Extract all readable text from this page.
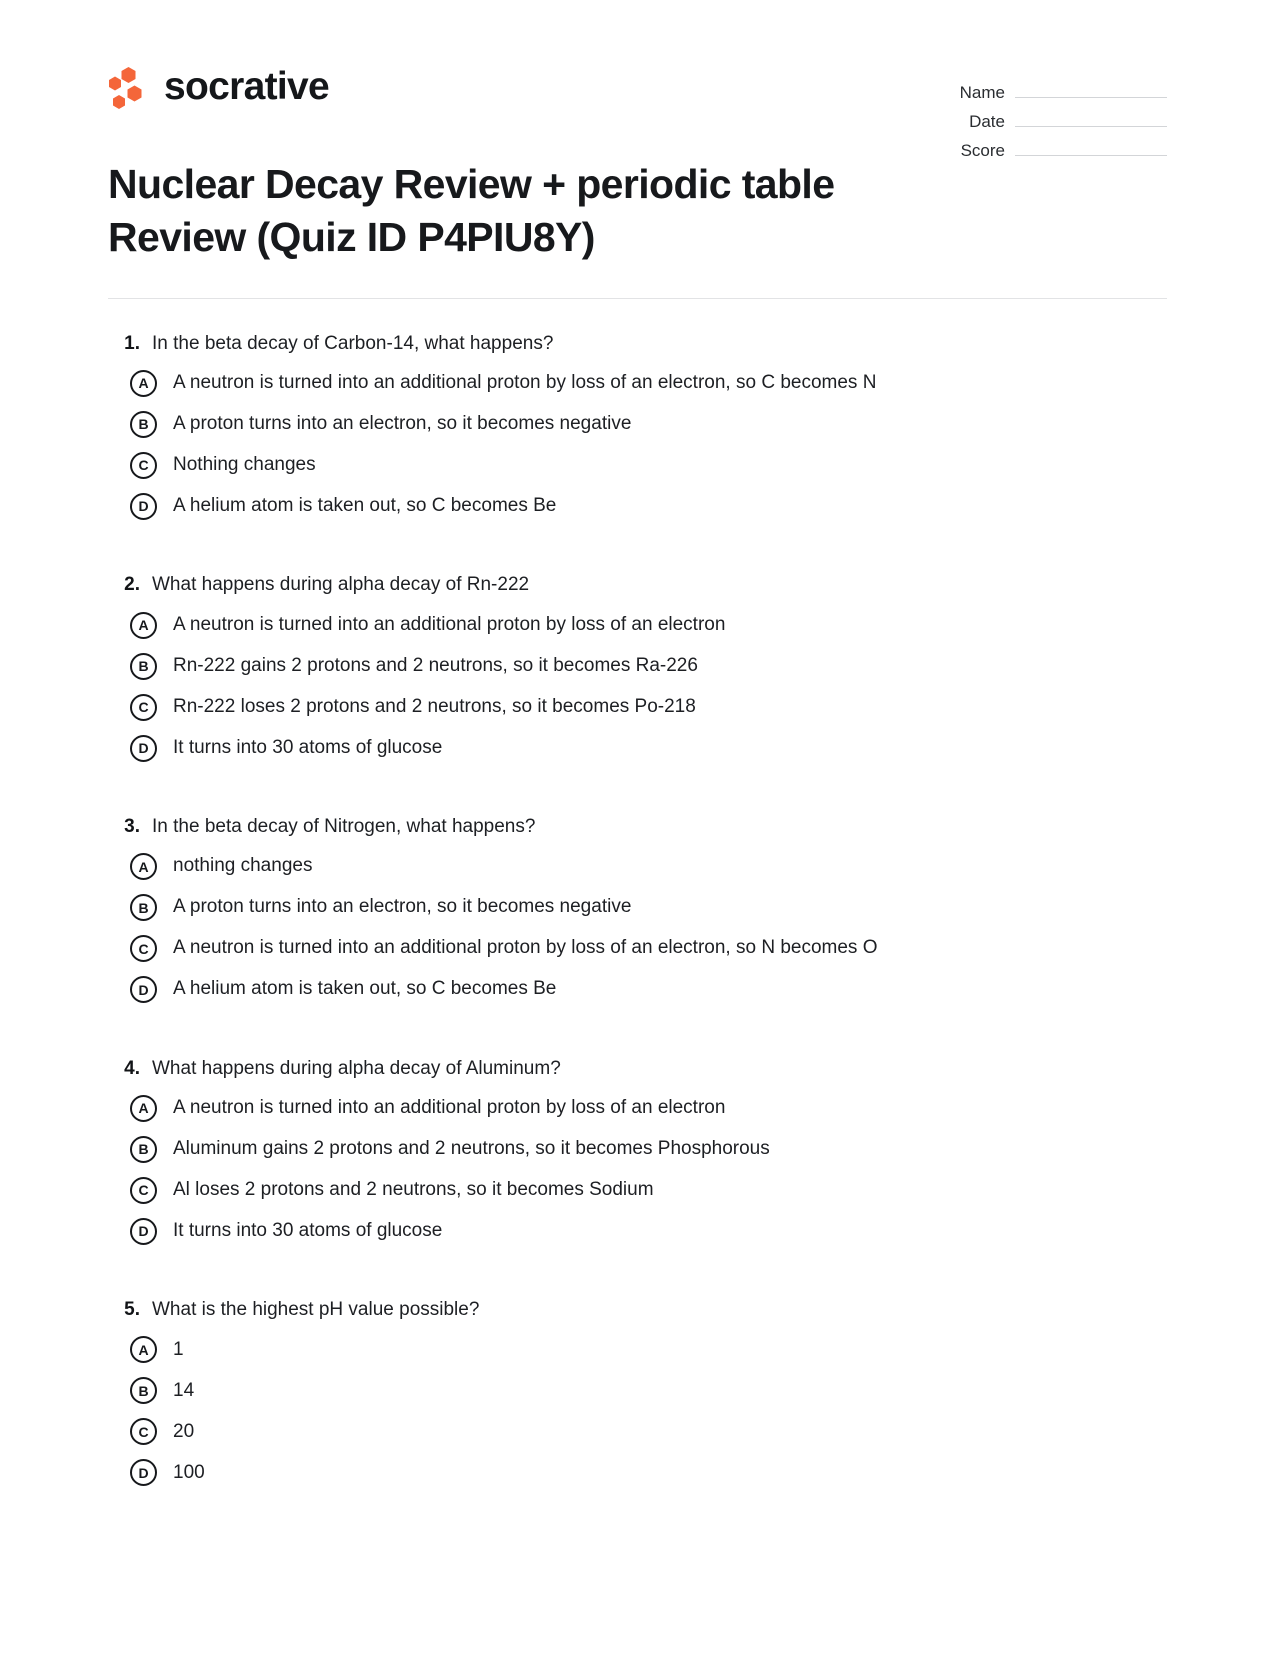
socrative
Nuclear Decay Review + periodic table Review (Quiz ID P4PIU8Y)
Name
Date
Score
1. In the beta decay of Carbon-14, what happens?
A	A neutron is turned into an additional proton by loss of an electron, so C becomes N
B	A proton turns into an electron, so it becomes negative
C	Nothing changes
D	A helium atom is taken out, so C becomes Be
2. What happens during alpha decay of Rn-222
A	A neutron is turned into an additional proton by loss of an electron
B	Rn-222 gains 2 protons and 2 neutrons, so it becomes Ra-226
C	Rn-222 loses 2 protons and 2 neutrons, so it becomes Po-218
D	It turns into 30 atoms of glucose
3. In the beta decay of Nitrogen, what happens?
A	nothing changes
B	A proton turns into an electron, so it becomes negative
C	A neutron is turned into an additional proton by loss of an electron, so N becomes O
D	A helium atom is taken out, so C becomes Be
4. What happens during alpha decay of Aluminum?
A	A neutron is turned into an additional proton by loss of an electron
B	Aluminum gains 2 protons and 2 neutrons, so it becomes Phosphorous
C	Al loses 2 protons and 2 neutrons, so it becomes Sodium
D	It turns into 30 atoms of glucose
5. What is the highest pH value possible?
A	1
B	14
C	20
D	100
